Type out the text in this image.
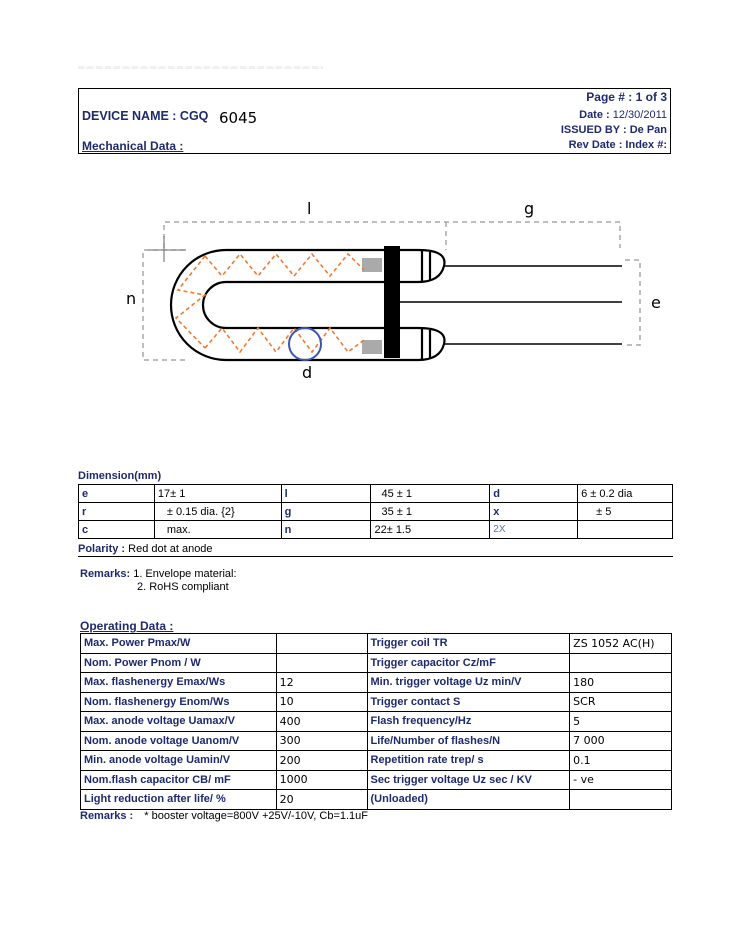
DEVICE NAME : CGQ 6045
Mechanical Data :
Page # : 1 of 3
Date : 12/30/2011
ISSUED BY : De Pan
Rev Date : Index #:
l	g
n	e
d
Dimension(mm)
e	17± 1	l	45 ± 1	d	6 ± 0.2 dia
r	± 0.15 dia. {2}	g	35 ± 1	x	± 5
c	max.	n	22± 1.5	2X	
Polarity : Red dot at anode
Remarks: 1. Envelope material:
2. RoHS compliant
Operating Data :
Max. Power Pmax/W		Trigger coil TR	ZS 1052 AC(H)
Nom. Power Pnom / W		Trigger capacitor Cz/mF	
Max. flashenergy Emax/Ws	12	Min. trigger voltage Uz min/V	180
Nom. flashenergy Enom/Ws	10	Trigger contact S	SCR
Max. anode voltage Uamax/V	400	Flash frequency/Hz	5
Nom. anode voltage Uanom/V	300	Life/Number of flashes/N	7 000
Min. anode voltage Uamin/V	200	Repetition rate trep/ s	0.1
Nom.flash capacitor CB/ mF	1000	Sec trigger voltage Uz sec / KV	- ve
Light reduction after life/ %	20	(Unloaded)	
Remarks : * booster voltage=800V +25V/-10V, Cb=1.1uF
